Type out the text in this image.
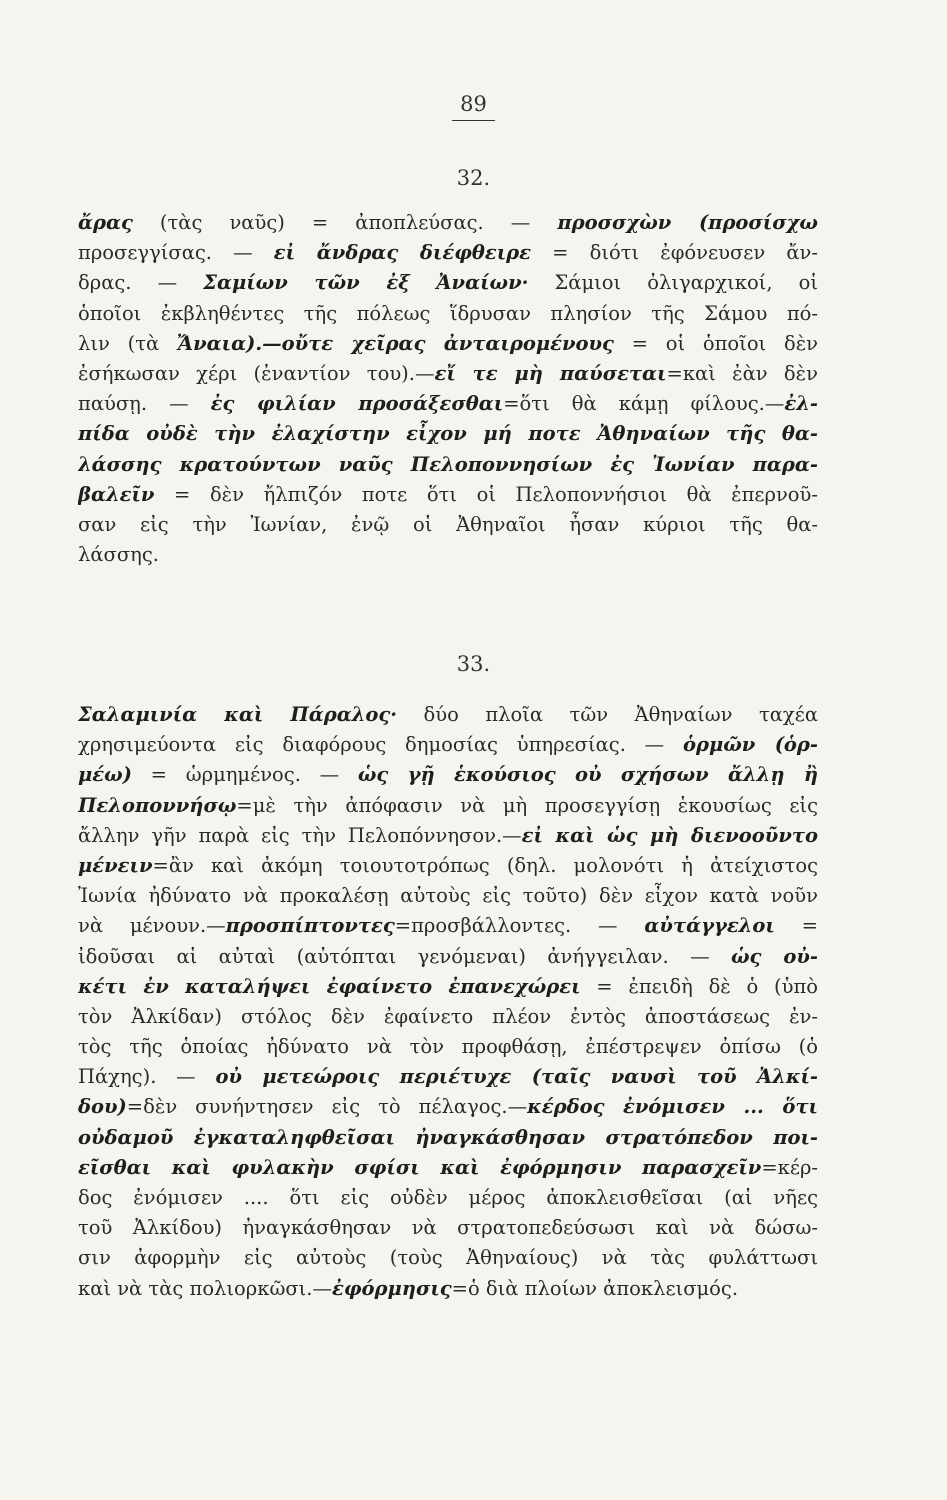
89
32.
ἄρας (τὰς ναῦς) = ἀποπλεύσας. — προσσχὼν (προσίσχω
προσεγγίσας. — εἰ ἄνδρας διέφθειρε = διότι ἐφόνευσεν ἄν-
δρας. — Σαμίων τῶν ἐξ Ἀναίων· Σάμιοι ὀλιγαρχικοί, οἱ
ὁποῖοι ἐκβληθέντες τῆς πόλεως ἵδρυσαν πλησίον τῆς Σάμου πό-
λιν (τὰ Ἄναια).—οὔτε χεῖρας ἀνταιρομένους = οἱ ὁποῖοι δὲν
ἐσήκωσαν χέρι (ἐναντίον του).—εἴ τε μὴ παύσεται=καὶ ἐὰν δὲν
παύσῃ. — ἐς φιλίαν προσάξεσθαι=ὅτι θὰ κάμῃ φίλους.—ἐλ-
πίδα οὐδὲ τὴν ἐλαχίστην εἶχον μή ποτε Ἀθηναίων τῆς θα-
λάσσης κρατούντων ναῦς Πελοποννησίων ἐς Ἰωνίαν παρα-
βαλεῖν = δὲν ἤλπιζόν ποτε ὅτι οἱ Πελοποννήσιοι θὰ ἐπερνοῦ-
σαν εἰς τὴν Ἰωνίαν, ἐνῷ οἱ Ἀθηναῖοι ἦσαν κύριοι τῆς θα-
λάσσης.
33.
Σαλαμινία καὶ Πάραλος· δύο πλοῖα τῶν Ἀθηναίων ταχέα
χρησιμεύοντα εἰς διαφόρους δημοσίας ὑπηρεσίας. — ὁρμῶν (ὁρ-
μέω) = ὡρμημένος. — ὡς γῇ ἑκούσιος οὐ σχήσων ἄλλῃ ἢ
Πελοποννήσῳ=μὲ τὴν ἀπόφασιν νὰ μὴ προσεγγίσῃ ἑκουσίως εἰς
ἄλλην γῆν παρὰ εἰς τὴν Πελοπόννησον.—εἰ καὶ ὡς μὴ διενοοῦντο
μένειν=ἂν καὶ ἀκόμη τοιουτοτρόπως (δηλ. μολονότι ἡ ἀτείχιστος
Ἰωνία ἠδύνατο νὰ προκαλέσῃ αὐτοὺς εἰς τοῦτο) δὲν εἶχον κατὰ νοῦν
νὰ μένουν.—προσπίπτοντες=προσβάλλοντες. — αὐτάγγελοι =
ἰδοῦσαι αἱ αὐταὶ (αὐτόπται γενόμεναι) ἀνήγγειλαν. — ὡς οὐ-
κέτι ἐν καταλήψει ἐφαίνετο ἐπανεχώρει = ἐπειδὴ δὲ ὁ (ὑπὸ
τὸν Ἀλκίδαν) στόλος δὲν ἐφαίνετο πλέον ἐντὸς ἀποστάσεως ἐν-
τὸς τῆς ὁποίας ἠδύνατο νὰ τὸν προφθάσῃ, ἐπέστρεψεν ὀπίσω (ὁ
Πάχης). — οὐ μετεώροις περιέτυχε (ταῖς ναυσὶ τοῦ Ἀλκί-
δου)=δὲν συνήντησεν εἰς τὸ πέλαγος.—κέρδος ἐνόμισεν ... ὅτι
οὐδαμοῦ ἐγκαταληφθεῖσαι ἠναγκάσθησαν στρατόπεδον ποι-
εῖσθαι καὶ φυλακὴν σφίσι καὶ ἐφόρμησιν παρασχεῖν=κέρ-
δος ἐνόμισεν .... ὅτι εἰς οὐδὲν μέρος ἀποκλεισθεῖσαι (αἱ νῆες
τοῦ Ἀλκίδου) ἠναγκάσθησαν νὰ στρατοπεδεύσωσι καὶ νὰ δώσω-
σιν ἀφορμὴν εἰς αὐτοὺς (τοὺς Ἀθηναίους) νὰ τὰς φυλάττωσι
καὶ νὰ τὰς πολιορκῶσι.—ἐφόρμησις=ὁ διὰ πλοίων ἀποκλεισμός.
